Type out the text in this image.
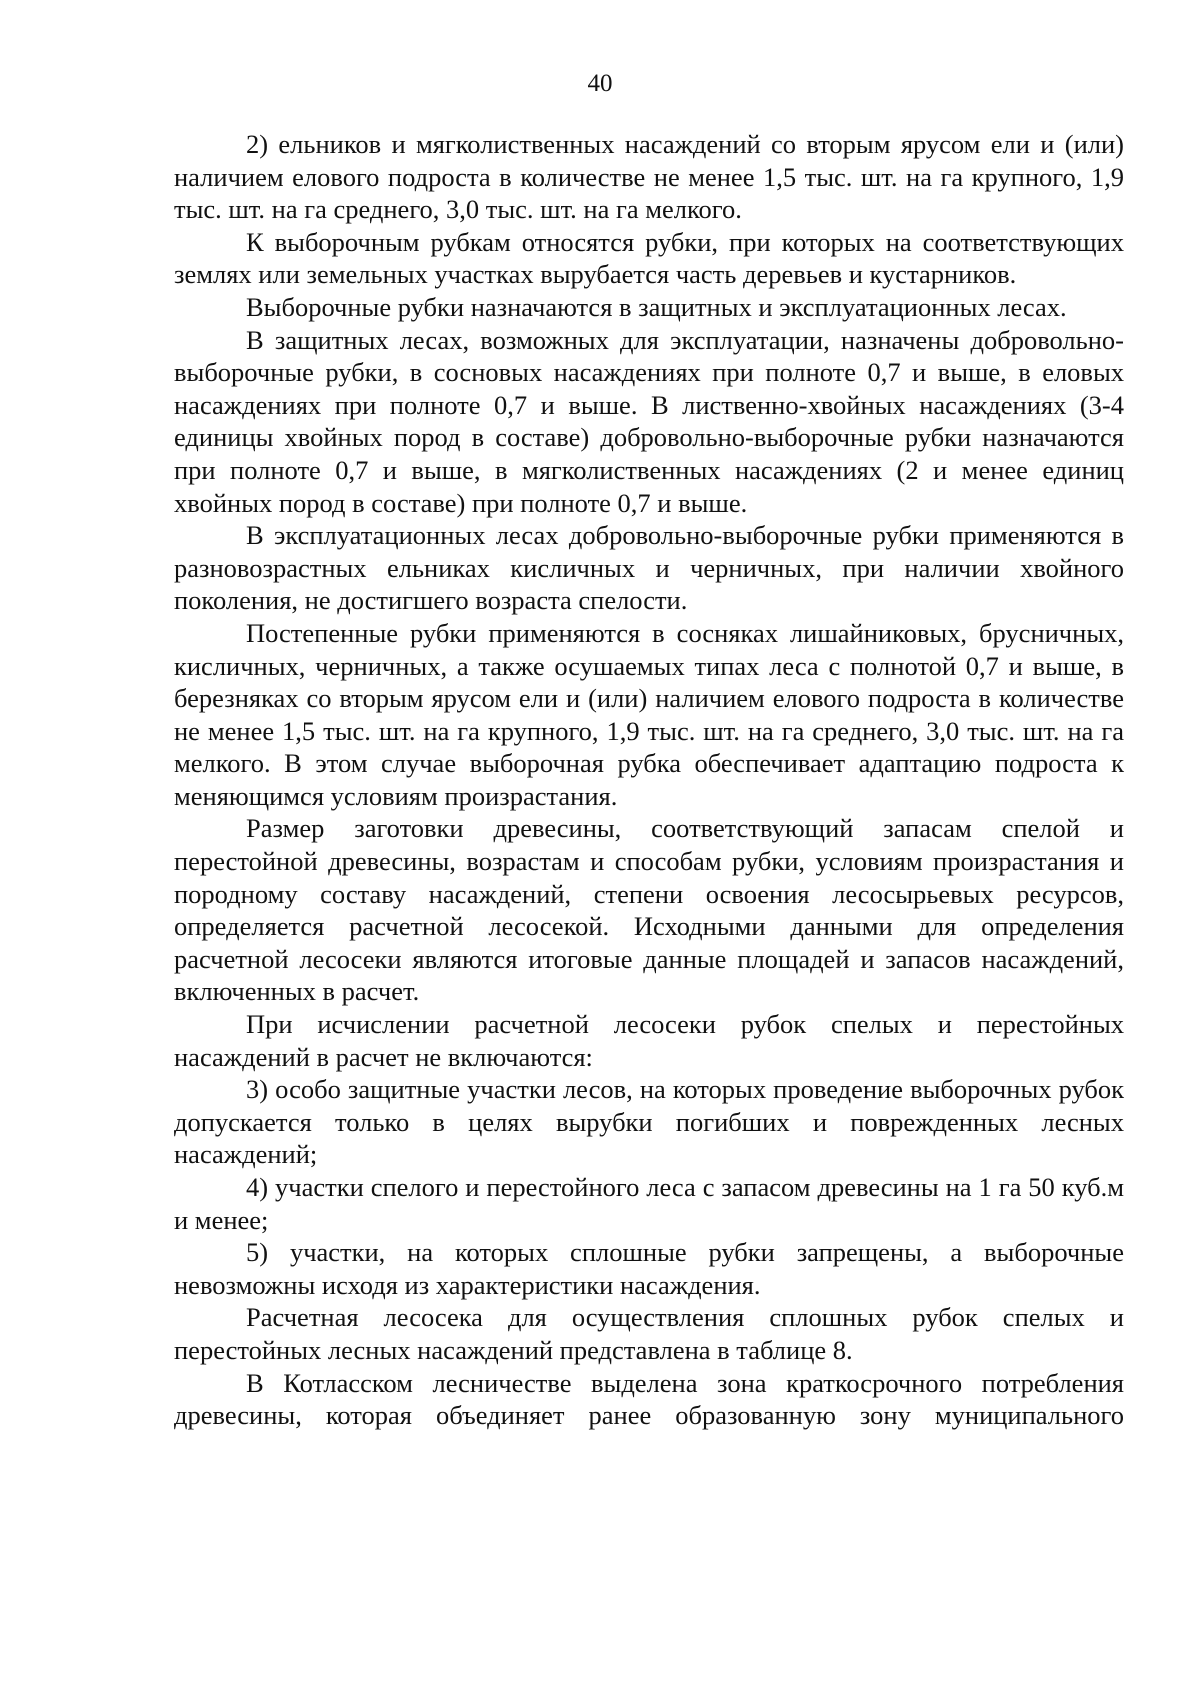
40

2) ельников и мягколиственных насаждений со вторым ярусом ели и (или) наличием елового подроста в количестве не менее 1,5 тыс. шт. на га крупного, 1,9 тыс. шт. на га среднего, 3,0 тыс. шт. на га мелкого.

К выборочным рубкам относятся рубки, при которых на соответствующих землях или земельных участках вырубается часть деревьев и кустарников.

Выборочные рубки назначаются в защитных и эксплуатационных лесах.

В защитных лесах, возможных для эксплуатации, назначены добровольно-выборочные рубки, в сосновых насаждениях при полноте 0,7 и выше, в еловых насаждениях при полноте 0,7 и выше. В лиственно-хвойных насаждениях (3-4 единицы хвойных пород в составе) добровольно-выборочные рубки назначаются при полноте 0,7 и выше, в мягколиственных насаждениях (2 и менее единиц хвойных пород в составе) при полноте 0,7 и выше.

В эксплуатационных лесах добровольно-выборочные рубки применяются в разновозрастных ельниках кисличных и черничных, при наличии хвойного поколения, не достигшего возраста спелости.

Постепенные рубки применяются в сосняках лишайниковых, брусничных, кисличных, черничных, а также осушаемых типах леса с полнотой 0,7 и выше, в березняках со вторым ярусом ели и (или) наличием елового подроста в количестве не менее 1,5 тыс. шт. на га крупного, 1,9 тыс. шт. на га среднего, 3,0 тыс. шт. на га мелкого. В этом случае выборочная рубка обеспечивает адаптацию подроста к меняющимся условиям произрастания.

Размер заготовки древесины, соответствующий запасам спелой и перестойной древесины, возрастам и способам рубки, условиям произрастания и породному составу насаждений, степени освоения лесосырьевых ресурсов, определяется расчетной лесосекой. Исходными данными для определения расчетной лесосеки являются итоговые данные площадей и запасов насаждений, включенных в расчет.

При исчислении расчетной лесосеки рубок спелых и перестойных насаждений в расчет не включаются:

3) особо защитные участки лесов, на которых проведение выборочных рубок допускается только в целях вырубки погибших и поврежденных лесных насаждений;

4) участки спелого и перестойного леса с запасом древесины на 1 га 50 куб.м и менее;

5) участки, на которых сплошные рубки запрещены, а выборочные невозможны исходя из характеристики насаждения.

Расчетная лесосека для осуществления сплошных рубок спелых и перестойных лесных насаждений представлена в таблице 8.

В Котласском лесничестве выделена зона краткосрочного потребления древесины, которая объединяет ранее образованную зону муниципального
